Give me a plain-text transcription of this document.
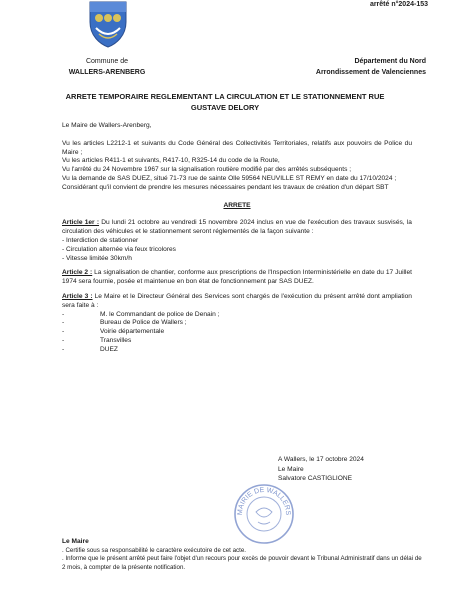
arrêté n°2024-153
Commune de
WALLERS-ARENBERG
Département du Nord
Arrondissement de Valenciennes
ARRETE TEMPORAIRE REGLEMENTANT LA CIRCULATION ET LE STATIONNEMENT RUE GUSTAVE DELORY

Le Maire de Wallers-Arenberg,

Vu les articles L2212-1 et suivants du Code Général des Collectivités Territoriales, relatifs aux pouvoirs de Police du Maire ;

Vu les articles R411-1 et suivants, R417-10, R325-14 du code de la Route,

Vu l'arrêté du 24 Novembre 1967 sur la signalisation routière modifié par des arrêtés subséquents ;

Vu la demande de SAS DUEZ, situé 71-73 rue de sainte Olle 59564 NEUVILLE ST REMY en date du 17/10/2024 ;

Considérant qu'il convient de prendre les mesures nécessaires pendant les travaux de création d'un départ SBT

ARRETE

Article 1er : Du lundi 21 octobre au vendredi 15 novembre 2024 inclus en vue de l'exécution des travaux susvisés, la circulation des véhicules et le stationnement seront réglementés de la façon suivante :

- Interdiction de stationner
- Circulation alternée via feux tricolores
- Vitesse limitée 30km/h

Article 2 : La signalisation de chantier, conforme aux prescriptions de l'Inspection Interministérielle en date du 17 Juillet 1974 sera fournie, posée et maintenue en bon état de fonctionnement par SAS DUEZ.

Article 3 : Le Maire et le Directeur Général des Services sont chargés de l'exécution du présent arrêté dont ampliation sera faite à :

- M. le Commandant de police de Denain ;
- Bureau de Police de Wallers ;
- Voirie départementale
- Transvilles
- DUEZ
A Wallers, le 17 octobre 2024
Le Maire
Salvatore CASTIGLIONE
MAIRIE DE WALLERS

Le Maire

. Certifie sous sa responsabilité le caractère exécutoire de cet acte.

. Informe que le présent arrêté peut faire l'objet d'un recours pour excès de pouvoir devant le Tribunal Administratif dans un délai de 2 mois, à compter de la présente notification.
